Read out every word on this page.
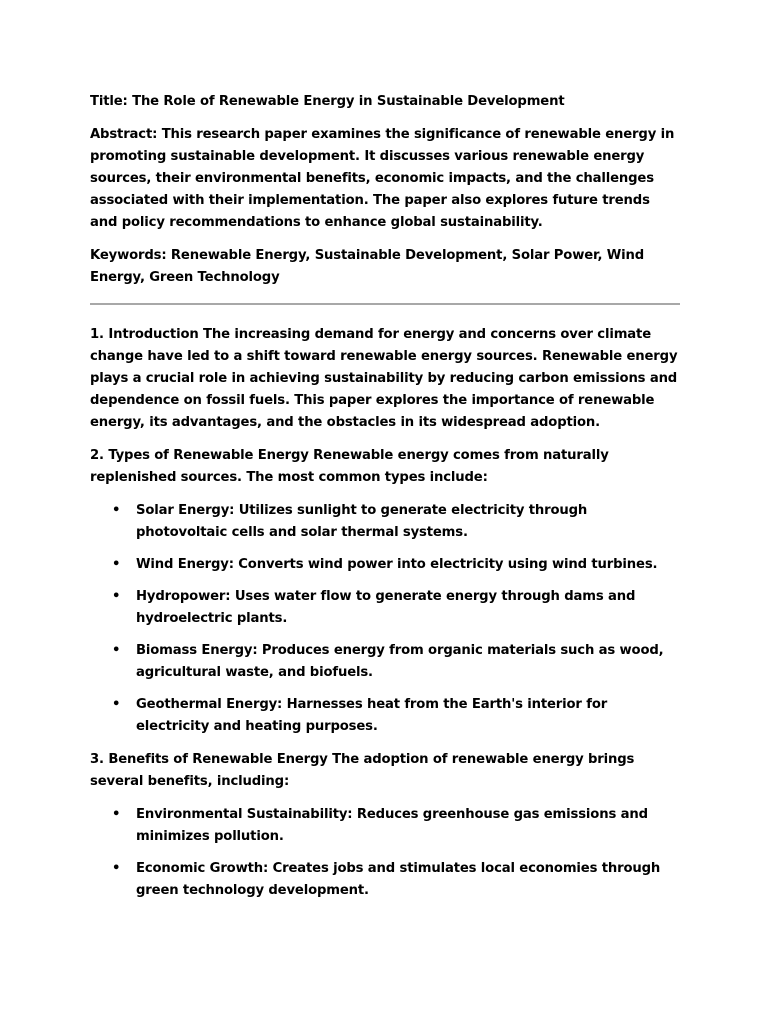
Title: The Role of Renewable Energy in Sustainable Development

Abstract: This research paper examines the significance of renewable energy in promoting sustainable development. It discusses various renewable energy sources, their environmental benefits, economic impacts, and the challenges associated with their implementation. The paper also explores future trends and policy recommendations to enhance global sustainability.

Keywords: Renewable Energy, Sustainable Development, Solar Power, Wind Energy, Green Technology

1. Introduction The increasing demand for energy and concerns over climate change have led to a shift toward renewable energy sources. Renewable energy plays a crucial role in achieving sustainability by reducing carbon emissions and dependence on fossil fuels. This paper explores the importance of renewable energy, its advantages, and the obstacles in its widespread adoption.

2. Types of Renewable Energy Renewable energy comes from naturally replenished sources. The most common types include:

• Solar Energy: Utilizes sunlight to generate electricity through photovoltaic cells and solar thermal systems.
• Wind Energy: Converts wind power into electricity using wind turbines.
• Hydropower: Uses water flow to generate energy through dams and hydroelectric plants.
• Biomass Energy: Produces energy from organic materials such as wood, agricultural waste, and biofuels.
• Geothermal Energy: Harnesses heat from the Earth's interior for electricity and heating purposes.

3. Benefits of Renewable Energy The adoption of renewable energy brings several benefits, including:

• Environmental Sustainability: Reduces greenhouse gas emissions and minimizes pollution.
• Economic Growth: Creates jobs and stimulates local economies through green technology development.
